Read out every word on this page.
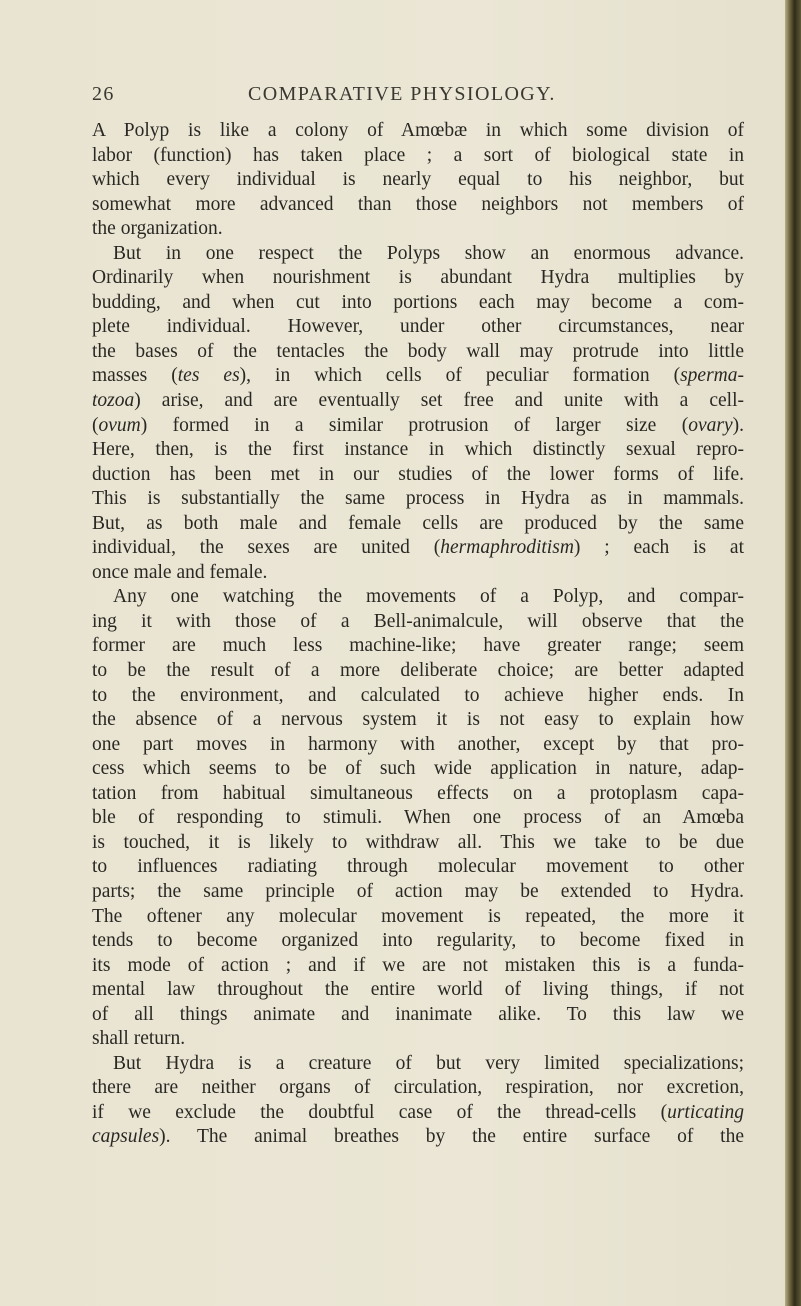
26	COMPARATIVE PHYSIOLOGY.
A Polyp is like a colony of Amœbæ in which some division of
labor (function) has taken place ; a sort of biological state in
which every individual is nearly equal to his neighbor, but
somewhat more advanced than those neighbors not members of
the organization.
But in one respect the Polyps show an enormous advance.
Ordinarily when nourishment is abundant Hydra multiplies by
budding, and when cut into portions each may become a com-
plete individual. However, under other circumstances, near
the bases of the tentacles the body wall may protrude into little
masses (tes es), in which cells of peculiar formation (sperma-
tozoa) arise, and are eventually set free and unite with a cell-
(ovum) formed in a similar protrusion of larger size (ovary).
Here, then, is the first instance in which distinctly sexual repro-
duction has been met in our studies of the lower forms of life.
This is substantially the same process in Hydra as in mammals.
But, as both male and female cells are produced by the same
individual, the sexes are united (hermaphroditism) ; each is at
once male and female.
Any one watching the movements of a Polyp, and compar-
ing it with those of a Bell-animalcule, will observe that the
former are much less machine-like; have greater range; seem
to be the result of a more deliberate choice; are better adapted
to the environment, and calculated to achieve higher ends. In
the absence of a nervous system it is not easy to explain how
one part moves in harmony with another, except by that pro-
cess which seems to be of such wide application in nature, adap-
tation from habitual simultaneous effects on a protoplasm capa-
ble of responding to stimuli. When one process of an Amœba
is touched, it is likely to withdraw all. This we take to be due
to influences radiating through molecular movement to other
parts; the same principle of action may be extended to Hydra.
The oftener any molecular movement is repeated, the more it
tends to become organized into regularity, to become fixed in
its mode of action ; and if we are not mistaken this is a funda-
mental law throughout the entire world of living things, if not
of all things animate and inanimate alike. To this law we
shall return.
But Hydra is a creature of but very limited specializations;
there are neither organs of circulation, respiration, nor excretion,
if we exclude the doubtful case of the thread-cells (urticating
capsules). The animal breathes by the entire surface of the
